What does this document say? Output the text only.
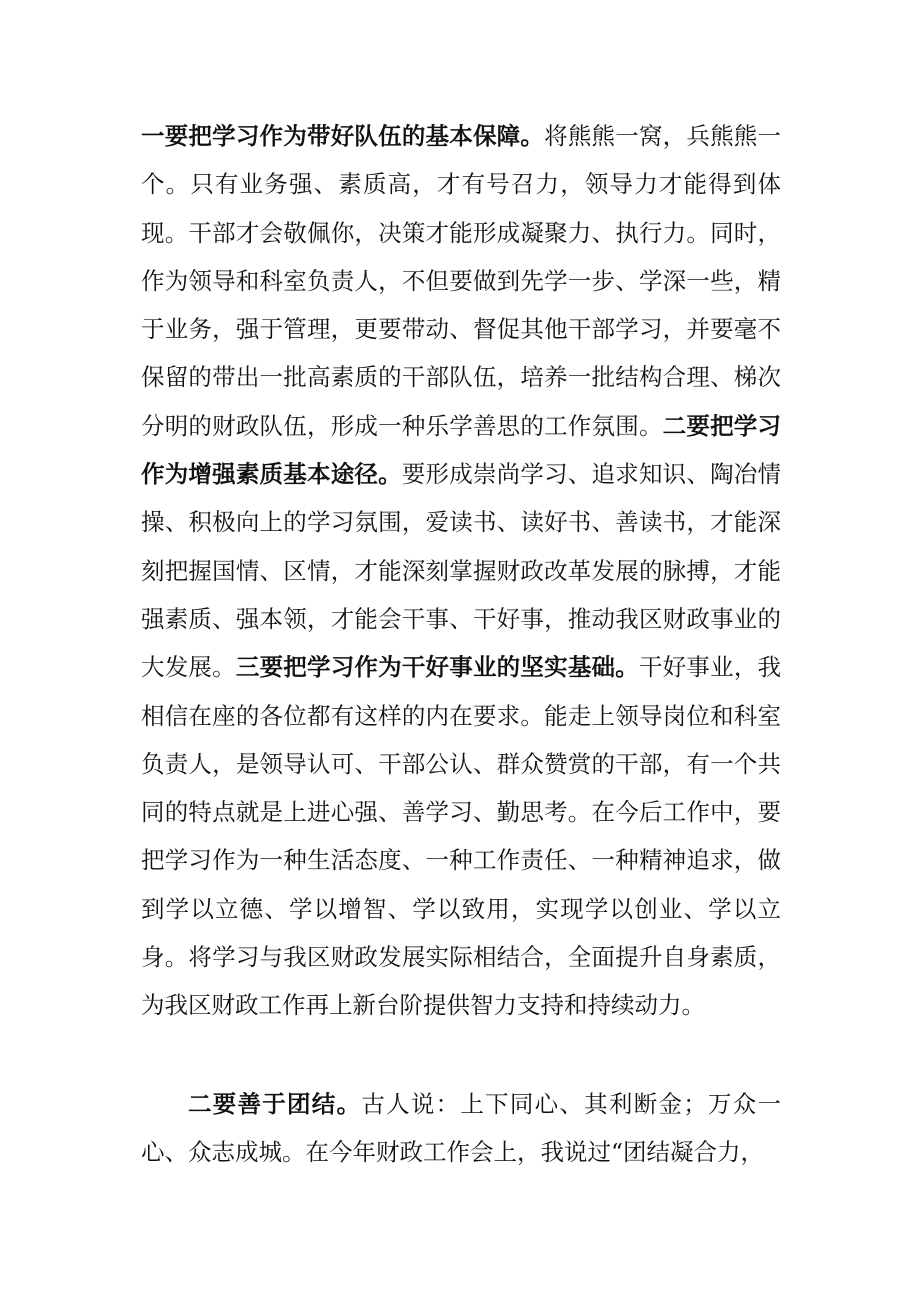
一要把学习作为带好队伍的基本保障。将熊熊一窝，兵熊熊一个。只有业务强、素质高，才有号召力，领导力才能得到体现。干部才会敬佩你，决策才能形成凝聚力、执行力。同时，作为领导和科室负责人，不但要做到先学一步、学深一些，精于业务，强于管理，更要带动、督促其他干部学习，并要毫不保留的带出一批高素质的干部队伍，培养一批结构合理、梯次分明的财政队伍，形成一种乐学善思的工作氛围。二要把学习作为增强素质基本途径。要形成崇尚学习、追求知识、陶冶情操、积极向上的学习氛围，爱读书、读好书、善读书，才能深刻把握国情、区情，才能深刻掌握财政改革发展的脉搏，才能强素质、强本领，才能会干事、干好事，推动我区财政事业的大发展。三要把学习作为干好事业的坚实基础。干好事业，我相信在座的各位都有这样的内在要求。能走上领导岗位和科室负责人，是领导认可、干部公认、群众赞赏的干部，有一个共同的特点就是上进心强、善学习、勤思考。在今后工作中，要把学习作为一种生活态度、一种工作责任、一种精神追求，做到学以立德、学以增智、学以致用，实现学以创业、学以立身。将学习与我区财政发展实际相结合，全面提升自身素质，为我区财政工作再上新台阶提供智力支持和持续动力。
二要善于团结。古人说：上下同心、其利断金；万众一心、众志成城。在今年财政工作会上，我说过“团结凝合力，
